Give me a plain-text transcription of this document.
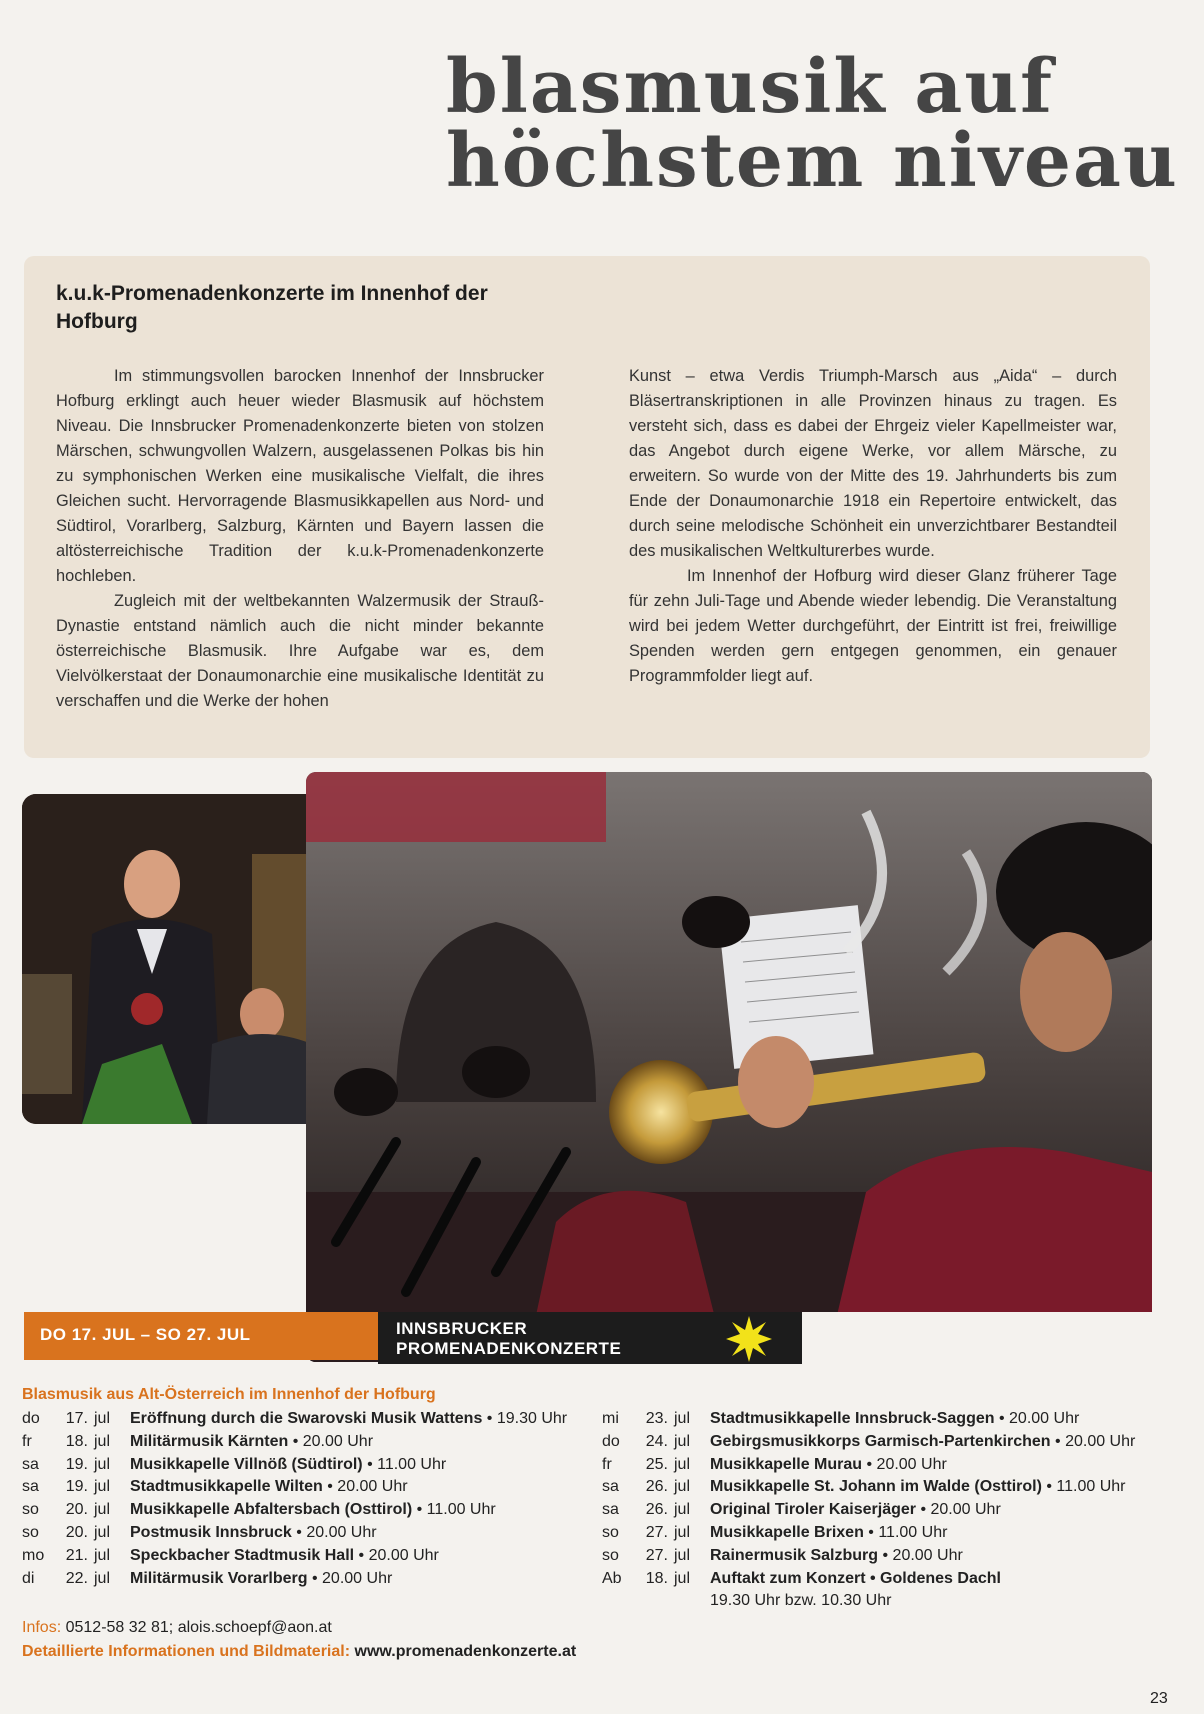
blasmusik auf
höchstem niveau
k.u.k-Promenadenkonzerte im Innenhof der Hofburg

Im stimmungsvollen barocken Innenhof der Innsbrucker Hofburg erklingt auch heuer wieder Blasmusik auf höchstem Niveau. Die Innsbrucker Promenadenkonzerte bieten von stolzen Märschen, schwungvollen Walzern, ausgelassenen Polkas bis hin zu symphonischen Werken eine musikalische Vielfalt, die ihres Gleichen sucht. Hervorragende Blasmusikkapellen aus Nord- und Südtirol, Vorarlberg, Salzburg, Kärnten und Bayern lassen die altösterreichische Tradition der k.u.k-Promenadenkonzerte hochleben.

Zugleich mit der weltbekannten Walzermusik der Strauß-Dynastie entstand nämlich auch die nicht minder bekannte österreichische Blasmusik. Ihre Aufgabe war es, dem Vielvölkerstaat der Donaumonarchie eine musikalische Identität zu verschaffen und die Werke der hohen

Kunst – etwa Verdis Triumph-Marsch aus „Aida“ – durch Bläsertranskriptionen in alle Provinzen hinaus zu tragen. Es versteht sich, dass es dabei der Ehrgeiz vieler Kapellmeister war, das Angebot durch eigene Werke, vor allem Märsche, zu erweitern. So wurde von der Mitte des 19. Jahrhunderts bis zum Ende der Donaumonarchie 1918 ein Repertoire entwickelt, das durch seine melodische Schönheit ein unverzichtbarer Bestandteil des musikalischen Weltkulturerbes wurde.

Im Innenhof der Hofburg wird dieser Glanz früherer Tage für zehn Juli-Tage und Abende wieder lebendig. Die Veranstaltung wird bei jedem Wetter durchgeführt, der Eintritt ist frei, freiwillige Spenden werden gern entgegen genommen, ein genauer Programmfolder liegt auf.

DO 17. JUL – SO 27. JUL	INNSBRUCKER
PROMENADENKONZERTE
Blasmusik aus Alt-Österreich im Innenhof der Hofburg
do	17. jul	Eröffnung durch die Swarovski Musik Wattens • 19.30 Uhr
fr	18. jul	Militärmusik Kärnten • 20.00 Uhr
sa	19. jul	Musikkapelle Villnöß (Südtirol) • 11.00 Uhr
sa	19. jul	Stadtmusikkapelle Wilten • 20.00 Uhr
so	20. jul	Musikkapelle Abfaltersbach (Osttirol) • 11.00 Uhr
so	20. jul	Postmusik Innsbruck • 20.00 Uhr
mo	21. jul	Speckbacher Stadtmusik Hall • 20.00 Uhr
di	22. jul	Militärmusik Vorarlberg • 20.00 Uhr
mi	23. jul	Stadtmusikkapelle Innsbruck-Saggen • 20.00 Uhr
do	24. jul	Gebirgsmusikkorps Garmisch-Partenkirchen • 20.00 Uhr
fr	25. jul	Musikkapelle Murau • 20.00 Uhr
sa	26. jul	Musikkapelle St. Johann im Walde (Osttirol) • 11.00 Uhr
sa	26. jul	Original Tiroler Kaiserjäger • 20.00 Uhr
so	27. jul	Musikkapelle Brixen • 11.00 Uhr
so	27. jul	Rainermusik Salzburg • 20.00 Uhr
Ab	18. jul	Auftakt zum Konzert • Goldenes Dachl
19.30 Uhr bzw. 10.30 Uhr
Infos: 0512-58 32 81; alois.schoepf@aon.at
Detaillierte Informationen und Bildmaterial: www.promenadenkonzerte.at
23
